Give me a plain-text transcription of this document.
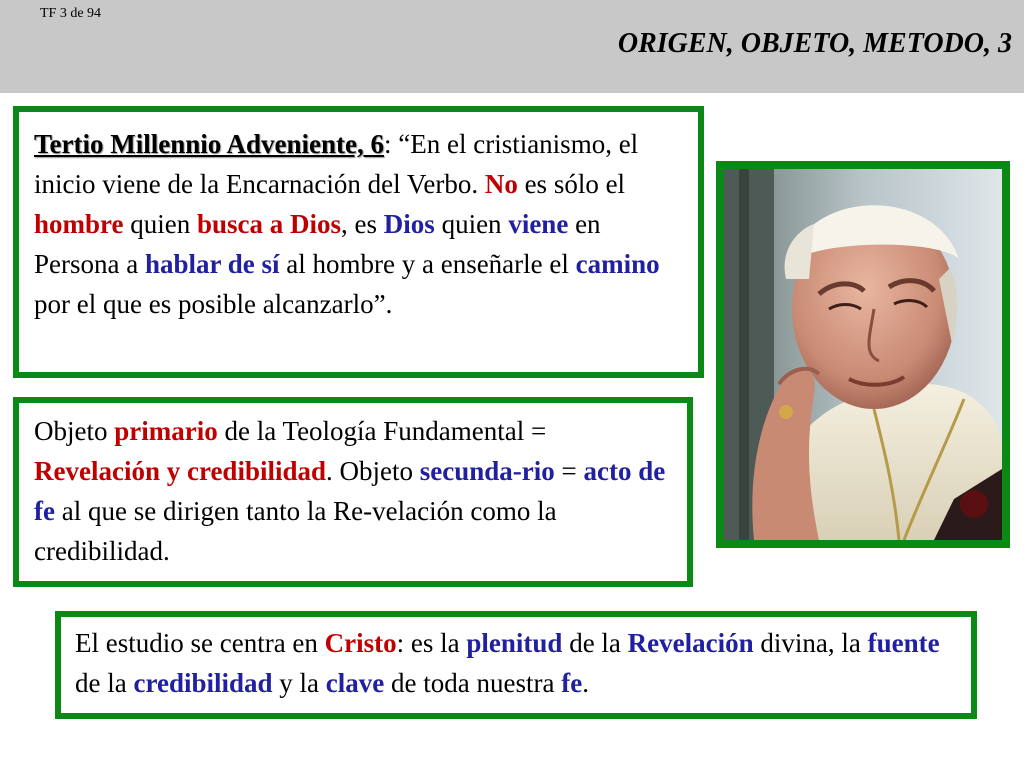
TF 3 de 94
ORIGEN, OBJETO, METODO, 3
Tertio Millennio Adveniente, 6: “En el cristianismo, el inicio viene de la Encarnación del Verbo. No es sólo el hombre quien busca a Dios, es Dios quien viene en Persona a hablar de sí al hombre y a enseñarle el camino por el que es posible alcanzarlo”.
Objeto primario de la Teología Fundamental = Revelación y credibilidad. Objeto secunda-rio = acto de fe al que se dirigen tanto la Re-velación como la credibilidad.
El estudio se centra en Cristo: es la plenitud de la Revelación divina, la fuente de la credibilidad y la clave de toda nuestra fe.
